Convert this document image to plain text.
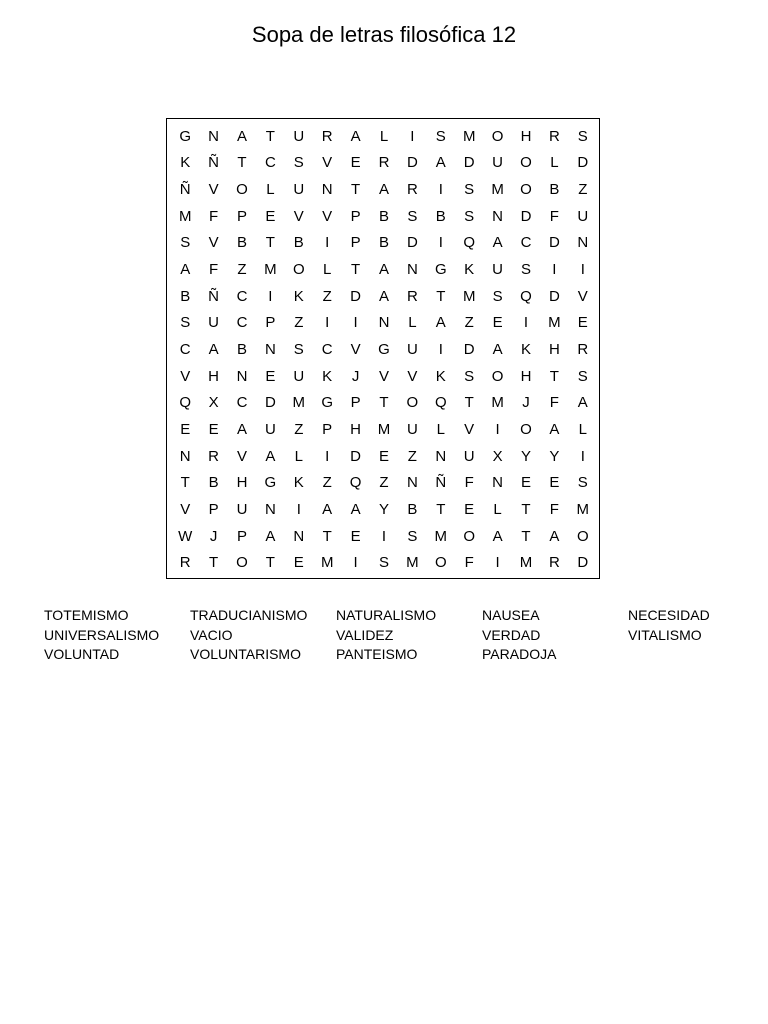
Sopa de letras filosófica 12
G	N	A	T	U	R	A	L	I	S	M	O	H	R	S
K	Ñ	T	C	S	V	E	R	D	A	D	U	O	L	D
Ñ	V	O	L	U	N	T	A	R	I	S	M	O	B	Z
M	F	P	E	V	V	P	B	S	B	S	N	D	F	U
S	V	B	T	B	I	P	B	D	I	Q	A	C	D	N
A	F	Z	M	O	L	T	A	N	G	K	U	S	I	I
B	Ñ	C	I	K	Z	D	A	R	T	M	S	Q	D	V
S	U	C	P	Z	I	I	N	L	A	Z	E	I	M	E
C	A	B	N	S	C	V	G	U	I	D	A	K	H	R
V	H	N	E	U	K	J	V	V	K	S	O	H	T	S
Q	X	C	D	M	G	P	T	O	Q	T	M	J	F	A
E	E	A	U	Z	P	H	M	U	L	V	I	O	A	L
N	R	V	A	L	I	D	E	Z	N	U	X	Y	Y	I
T	B	H	G	K	Z	Q	Z	N	Ñ	F	N	E	E	S
V	P	U	N	I	A	A	Y	B	T	E	L	T	F	M
W	J	P	A	N	T	E	I	S	M	O	A	T	A	O
R	T	O	T	E	M	I	S	M	O	F	I	M	R	D
TOTEMISMO	TRADUCIANISMO	NATURALISMO	NAUSEA	NECESIDAD
UNIVERSALISMO	VACIO	VALIDEZ	VERDAD	VITALISMO
VOLUNTAD	VOLUNTARISMO	PANTEISMO	PARADOJA
